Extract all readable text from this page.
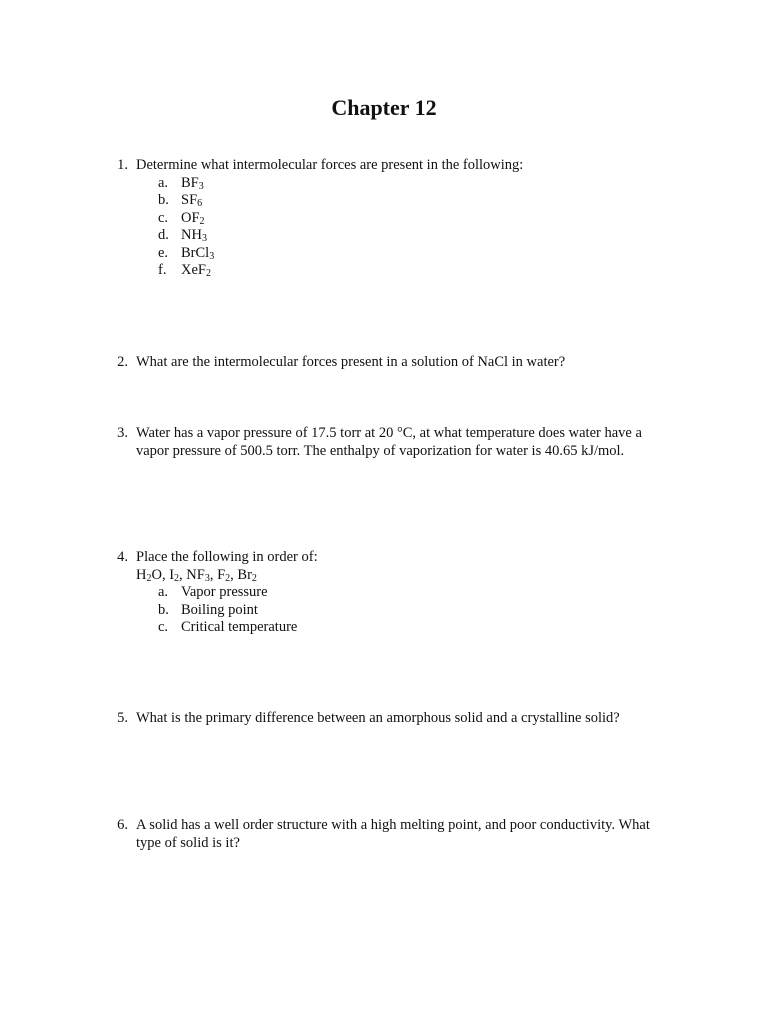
Chapter 12
1. Determine what intermolecular forces are present in the following:
a. BF3
b. SF6
c. OF2
d. NH3
e. BrCl3
f.	XeF2
2. What are the intermolecular forces present in a solution of NaCl in water?
3. Water has a vapor pressure of 17.5 torr at 20 °C, at what temperature does water have a
vapor pressure of 500.5 torr. The enthalpy of vaporization for water is 40.65 kJ/mol.
4. Place the following in order of:
H2O, I2, NF3, F2, Br2
a. Vapor pressure
b. Boiling point
c. Critical temperature
5. What is the primary difference between an amorphous solid and a crystalline solid?
6. A solid has a well order structure with a high melting point, and poor conductivity. What
type of solid is it?
